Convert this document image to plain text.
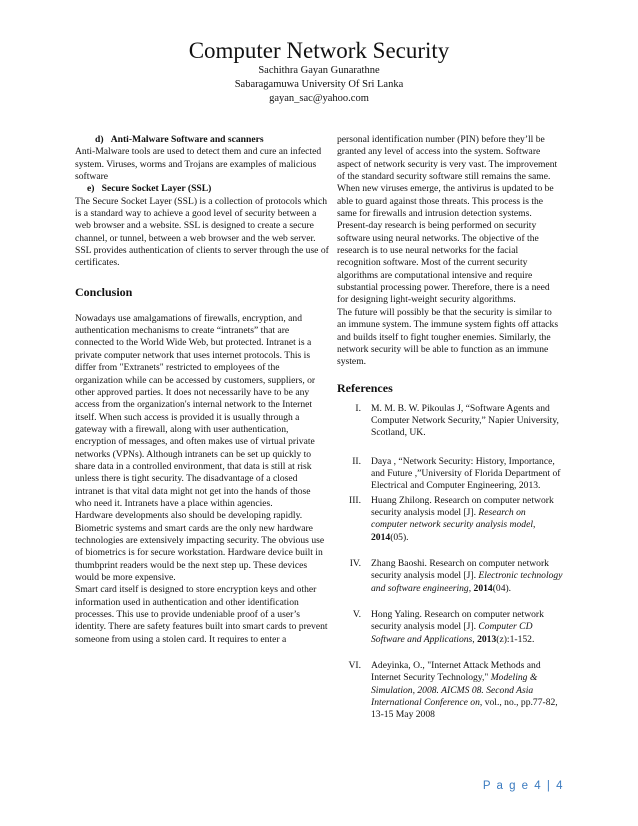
Computer Network Security
Sachithra Gayan Gunarathne
Sabaragamuwa University Of Sri Lanka
gayan_sac@yahoo.com

d)   Anti-Malware Software and scanners

Anti-Malware tools are used to detect them and cure an infected system. Viruses, worms and Trojans are examples of malicious software

e)   Secure Socket Layer (SSL)

The Secure Socket Layer (SSL) is a collection of protocols which is a standard way to achieve a good level of security between a web browser and a website. SSL is designed to create a secure channel, or tunnel, between a web browser and the web server. SSL provides authentication of clients to server through the use of certificates.

Conclusion

Nowadays use amalgamations of firewalls, encryption, and authentication mechanisms to create “intranets” that are connected to the World Wide Web, but protected. Intranet is a private computer network that uses internet protocols. This is differ from "Extranets" restricted to employees of the organization while can be accessed by customers, suppliers, or other approved parties. It does not necessarily have to be any access from the organization's internal network to the Internet itself. When such access is provided it is usually through a gateway with a firewall, along with user authentication, encryption of messages, and often makes use of virtual private networks (VPNs). Although intranets can be set up quickly to share data in a controlled environment, that data is still at risk unless there is tight security. The disadvantage of a closed intranet is that vital data might not get into the hands of those who need it. Intranets have a place within agencies.

Hardware developments also should be developing rapidly. Biometric systems and smart cards are the only new hardware technologies are extensively impacting security. The obvious use of biometrics is for secure workstation. Hardware device built in thumbprint readers would be the next step up. These devices would be more expensive.

Smart card itself is designed to store encryption keys and other information used in authentication and other identification processes. This use to provide undeniable proof of a user’s identity. There are safety features built into smart cards to prevent someone from using a stolen card. It requires to enter a

personal identification number (PIN) before they’ll be granted any level of access into the system. Software aspect of network security is very vast. The improvement of the standard security software still remains the same. When new viruses emerge, the antivirus is updated to be able to guard against those threats. This process is the same for firewalls and intrusion detection systems. Present-day research is being performed on security software using neural networks. The objective of the research is to use neural networks for the facial recognition software. Most of the current security algorithms are computational intensive and require substantial processing power. Therefore, there is a need for designing light-weight security algorithms.

The future will possibly be that the security is similar to an immune system. The immune system fights off attacks and builds itself to fight tougher enemies. Similarly, the network security will be able to function as an immune system.

References
I. M. M. B. W. Pikoulas J, “Software Agents and Computer Network Security,” Napier University, Scotland, UK.
II. Daya , “Network Security: History, Importance, and Future ,”University of Florida Department of Electrical and Computer Engineering, 2013.
III. Huang Zhilong. Research on computer network security analysis model [J]. Research on computer network security analysis model, 2014(05).
IV. Zhang Baoshi. Research on computer network security analysis model [J]. Electronic technology and software engineering, 2014(04).
V. Hong Yaling. Research on computer network security analysis model [J]. Computer CD Software and Applications, 2013(z):1-152.
VI. Adeyinka, O., "Internet Attack Methods and Internet Security Technology," Modeling & Simulation, 2008. AICMS 08. Second Asia International Conference on, vol., no., pp.77-82, 13-15 May 2008
P a g e 4 | 4
